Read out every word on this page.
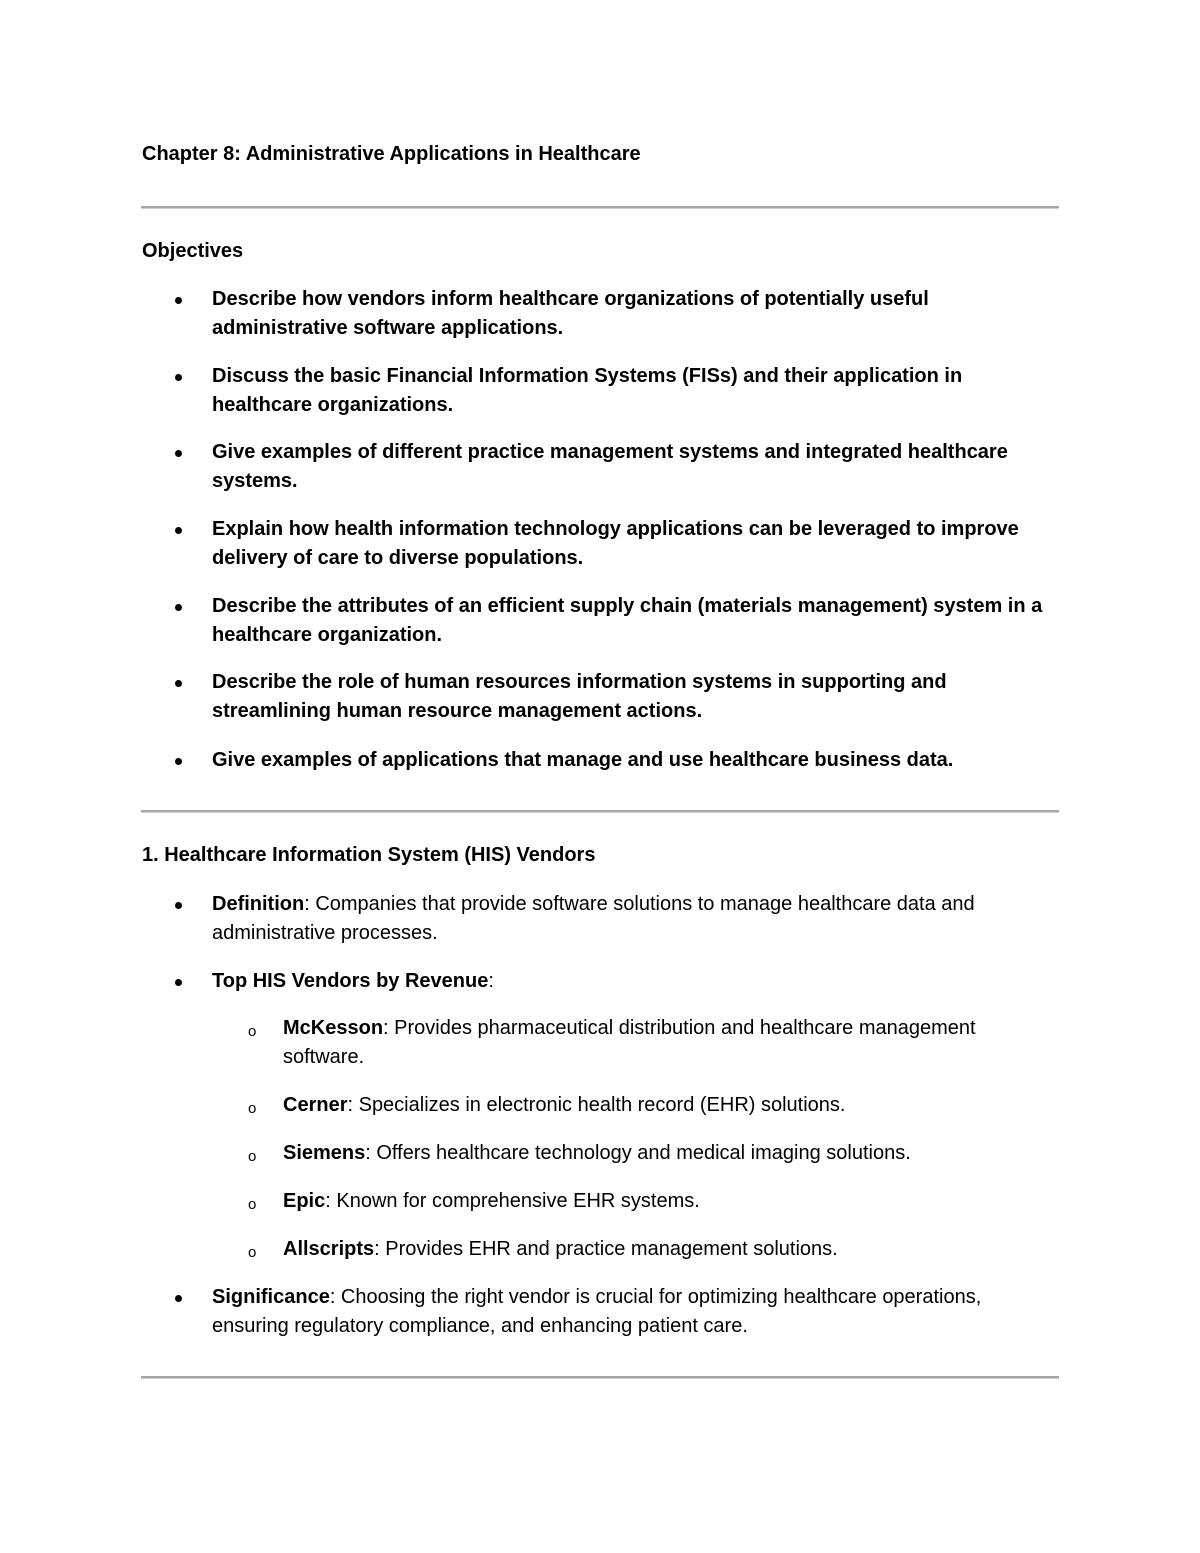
Chapter 8: Administrative Applications in Healthcare
Objectives
Describe how vendors inform healthcare organizations of potentially useful administrative software applications.
Discuss the basic Financial Information Systems (FISs) and their application in healthcare organizations.
Give examples of different practice management systems and integrated healthcare systems.
Explain how health information technology applications can be leveraged to improve delivery of care to diverse populations.
Describe the attributes of an efficient supply chain (materials management) system in a healthcare organization.
Describe the role of human resources information systems in supporting and streamlining human resource management actions.
Give examples of applications that manage and use healthcare business data.
1. Healthcare Information System (HIS) Vendors
Definition: Companies that provide software solutions to manage healthcare data and administrative processes.
Top HIS Vendors by Revenue:
o McKesson: Provides pharmaceutical distribution and healthcare management software.
o Cerner: Specializes in electronic health record (EHR) solutions.
o Siemens: Offers healthcare technology and medical imaging solutions.
o Epic: Known for comprehensive EHR systems.
o Allscripts: Provides EHR and practice management solutions.
Significance: Choosing the right vendor is crucial for optimizing healthcare operations, ensuring regulatory compliance, and enhancing patient care.
